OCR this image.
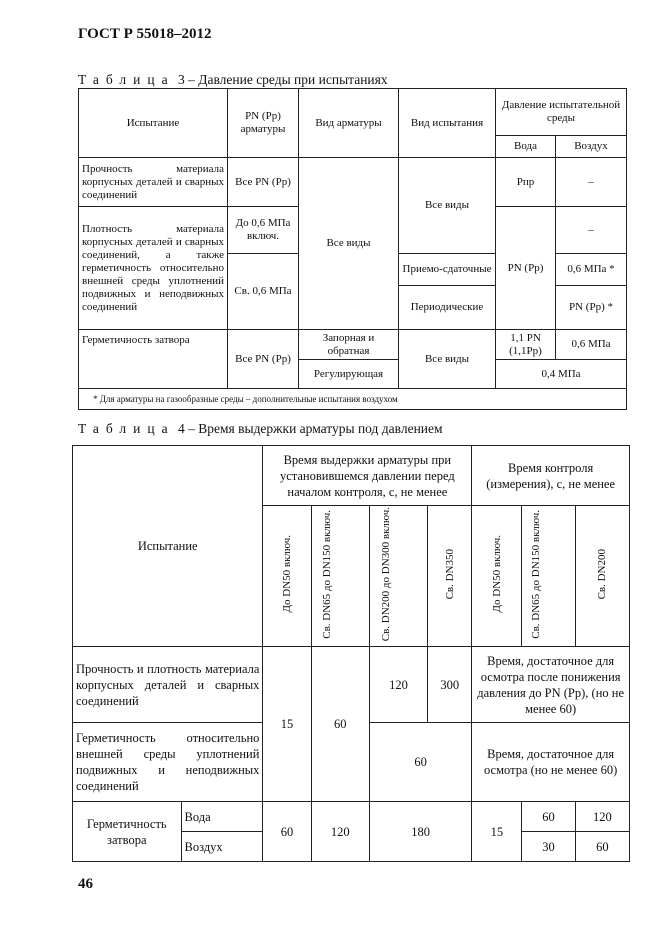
ГОСТ Р 55018–2012
Таблица 3 – Давление среды при испытаниях
Испытание	PN (Pp) арматуры	Вид арматуры	Вид испытания	Давление испытательной среды	
				Вода	Воздух
Прочность материала корпусных деталей и сварных соединений	Все PN (Pp)	Все виды	Все виды	Pпр	–
Плотность материала корпусных деталей и сварных соединений, а также герметичность относительно внешней среды уплотнений подвижных и неподвижных соединений	До 0,6 МПа включ.			PN (Pp)	–
	Св. 0,6 МПа		Приемо-сдаточные		0,6 МПа *
			Периодические		PN (Pp) *
Герметичность затвора	Все PN (Pp)	Запорная и обратная	Все виды	1,1 PN (1,1Pp)	0,6 МПа
		Регулирующая		0,4 МПа	
* Для арматуры на газообразные среды – дополнительные испытания воздухом					
Таблица 4 – Время выдержки арматуры под давлением
Испытание		Время выдержки арматуры при установившемся давлении перед началом контроля, с, не менее				Время контроля (измерения), с, не менее		
		До DN50 включ.	Св. DN65 до DN150 включ.	Св. DN200 до DN300 включ.	Св. DN350	До DN50 включ.	Св. DN65 до DN150 включ.	Св. DN200
Прочность и плотность материала корпусных деталей и сварных соединений		15	60	120	300	Время, достаточное для осмотра после понижения давления до PN (Pp), (но не менее 60)		
Герметичность относительно внешней среды уплотнений подвижных и неподвижных соединений				60		Время, достаточное для осмотра (но не менее 60)		
Герметичность затвора	Вода	60	120	180		15	60	120
	Воздух						30	60
46
